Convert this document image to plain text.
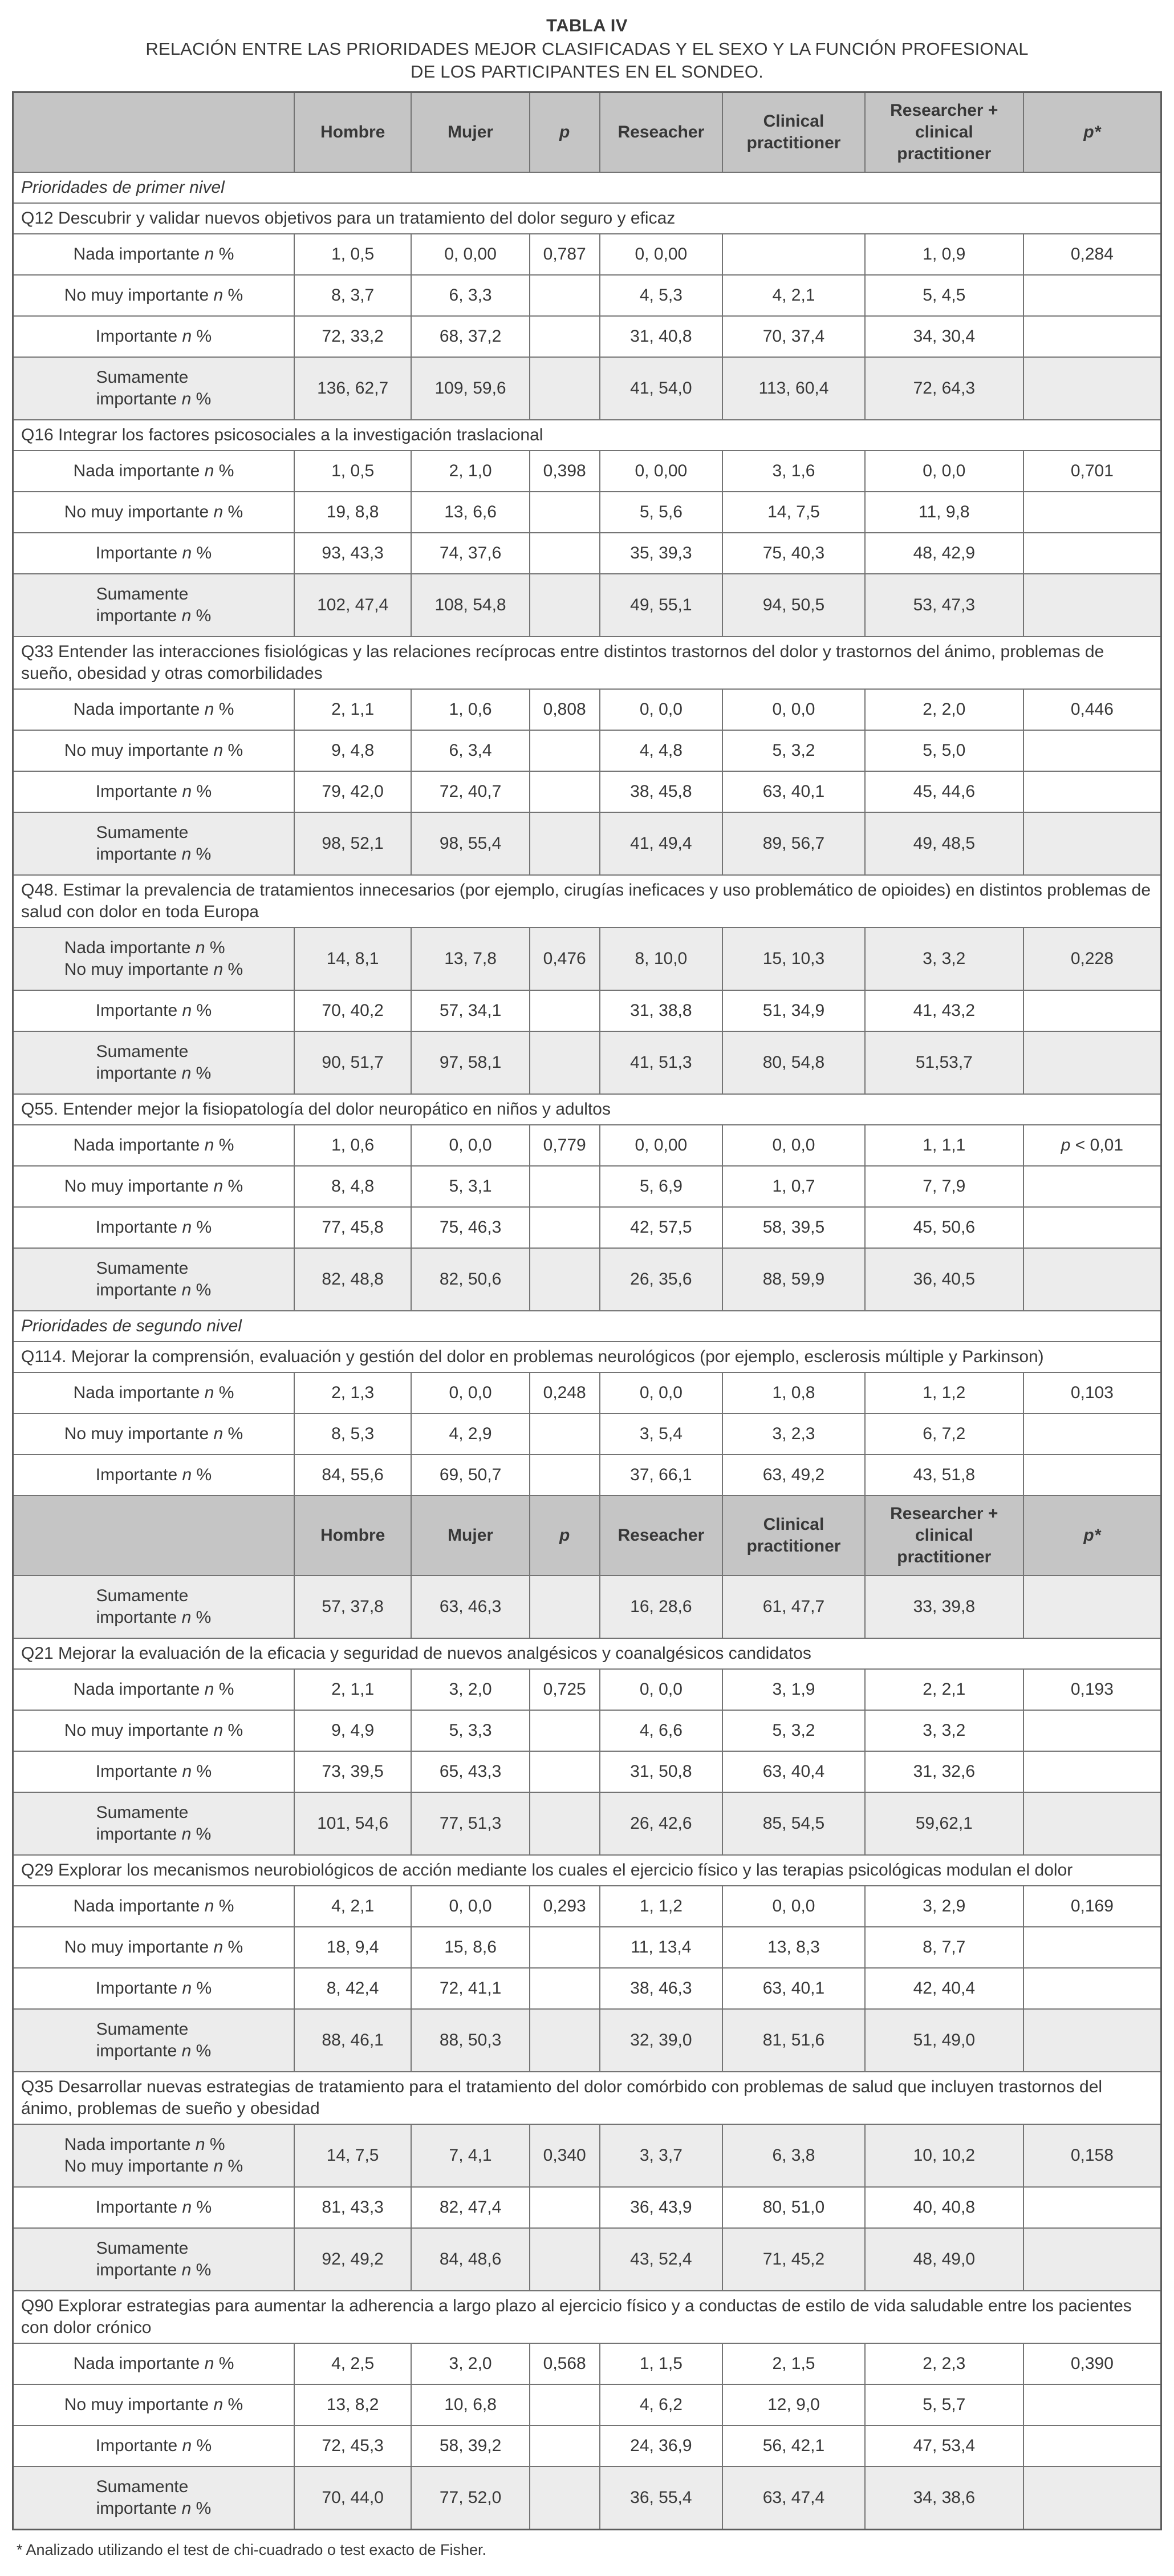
TABLA IV
RELACIÓN ENTRE LAS PRIORIDADES MEJOR CLASIFICADAS Y EL SEXO Y LA FUNCIÓN PROFESIONAL
DE LOS PARTICIPANTES EN EL SONDEO.
	Hombre	Mujer	p	Reseacher	Clinical practitioner	Researcher + clinical practitioner	p*
Prioridades de primer nivel							
Q12 Descubrir y validar nuevos objetivos para un tratamiento del dolor seguro y eficaz							
Nada importante n %	1, 0,5	0, 0,00	0,787	0, 0,00		1, 0,9	0,284
No muy importante n %	8, 3,7	6, 3,3		4, 5,3	4, 2,1	5, 4,5	
Importante n %	72, 33,2	68, 37,2		31, 40,8	70, 37,4	34, 30,4	
Sumamente
importante n %	136, 62,7	109, 59,6		41, 54,0	113, 60,4	72, 64,3	
Q16 Integrar los factores psicosociales a la investigación traslacional							
Nada importante n %	1, 0,5	2, 1,0	0,398	0, 0,00	3, 1,6	0, 0,0	0,701
No muy importante n %	19, 8,8	13, 6,6		5, 5,6	14, 7,5	11, 9,8	
Importante n %	93, 43,3	74, 37,6		35, 39,3	75, 40,3	48, 42,9	
Sumamente
importante n %	102, 47,4	108, 54,8		49, 55,1	94, 50,5	53, 47,3	
Q33 Entender las interacciones fisiológicas y las relaciones recíprocas entre distintos trastornos del dolor y trastornos del ánimo, problemas de sueño, obesidad y otras comorbilidades							
Nada importante n %	2, 1,1	1, 0,6	0,808	0, 0,0	0, 0,0	2, 2,0	0,446
No muy importante n %	9, 4,8	6, 3,4		4, 4,8	5, 3,2	5, 5,0	
Importante n %	79, 42,0	72, 40,7		38, 45,8	63, 40,1	45, 44,6	
Sumamente
importante n %	98, 52,1	98, 55,4		41, 49,4	89, 56,7	49, 48,5	
Q48. Estimar la prevalencia de tratamientos innecesarios (por ejemplo, cirugías ineficaces y uso problemático de opioides) en distintos problemas de salud con dolor en toda Europa							
Nada importante n %
No muy importante n %	14, 8,1	13, 7,8	0,476	8, 10,0	15, 10,3	3, 3,2	0,228
Importante n %	70, 40,2	57, 34,1		31, 38,8	51, 34,9	41, 43,2	
Sumamente
importante n %	90, 51,7	97, 58,1		41, 51,3	80, 54,8	51,53,7	
Q55. Entender mejor la fisiopatología del dolor neuropático en niños y adultos							
Nada importante n %	1, 0,6	0, 0,0	0,779	0, 0,00	0, 0,0	1, 1,1	p < 0,01
No muy importante n %	8, 4,8	5, 3,1		5, 6,9	1, 0,7	7, 7,9	
Importante n %	77, 45,8	75, 46,3		42, 57,5	58, 39,5	45, 50,6	
Sumamente
importante n %	82, 48,8	82, 50,6		26, 35,6	88, 59,9	36, 40,5	
Prioridades de segundo nivel							
Q114. Mejorar la comprensión, evaluación y gestión del dolor en problemas neurológicos (por ejemplo, esclerosis múltiple y Parkinson)							
Nada importante n %	2, 1,3	0, 0,0	0,248	0, 0,0	1, 0,8	1, 1,2	0,103
No muy importante n %	8, 5,3	4, 2,9		3, 5,4	3, 2,3	6, 7,2	
Importante n %	84, 55,6	69, 50,7		37, 66,1	63, 49,2	43, 51,8	
	Hombre	Mujer	p	Reseacher	Clinical practitioner	Researcher + clinical practitioner	p*
Sumamente
importante n %	57, 37,8	63, 46,3		16, 28,6	61, 47,7	33, 39,8	
Q21 Mejorar la evaluación de la eficacia y seguridad de nuevos analgésicos y coanalgésicos candidatos							
Nada importante n %	2, 1,1	3, 2,0	0,725	0, 0,0	3, 1,9	2, 2,1	0,193
No muy importante n %	9, 4,9	5, 3,3		4, 6,6	5, 3,2	3, 3,2	
Importante n %	73, 39,5	65, 43,3		31, 50,8	63, 40,4	31, 32,6	
Sumamente
importante n %	101, 54,6	77, 51,3		26, 42,6	85, 54,5	59,62,1	
Q29 Explorar los mecanismos neurobiológicos de acción mediante los cuales el ejercicio físico y las terapias psicológicas modulan el dolor							
Nada importante n %	4, 2,1	0, 0,0	0,293	1, 1,2	0, 0,0	3, 2,9	0,169
No muy importante n %	18, 9,4	15, 8,6		11, 13,4	13, 8,3	8, 7,7	
Importante n %	8, 42,4	72, 41,1		38, 46,3	63, 40,1	42, 40,4	
Sumamente
importante n %	88, 46,1	88, 50,3		32, 39,0	81, 51,6	51, 49,0	
Q35 Desarrollar nuevas estrategias de tratamiento para el tratamiento del dolor comórbido con problemas de salud que incluyen trastornos del ánimo, problemas de sueño y obesidad							
Nada importante n %
No muy importante n %	14, 7,5	7, 4,1	0,340	3, 3,7	6, 3,8	10, 10,2	0,158
Importante n %	81, 43,3	82, 47,4		36, 43,9	80, 51,0	40, 40,8	
Sumamente
importante n %	92, 49,2	84, 48,6		43, 52,4	71, 45,2	48, 49,0	
Q90 Explorar estrategias para aumentar la adherencia a largo plazo al ejercicio físico y a conductas de estilo de vida saludable entre los pacientes con dolor crónico							
Nada importante n %	4, 2,5	3, 2,0	0,568	1, 1,5	2, 1,5	2, 2,3	0,390
No muy importante n %	13, 8,2	10, 6,8		4, 6,2	12, 9,0	5, 5,7	
Importante n %	72, 45,3	58, 39,2		24, 36,9	56, 42,1	47, 53,4	
Sumamente
importante n %	70, 44,0	77, 52,0		36, 55,4	63, 47,4	34, 38,6	
* Analizado utilizando el test de chi-cuadrado o test exacto de Fisher.
